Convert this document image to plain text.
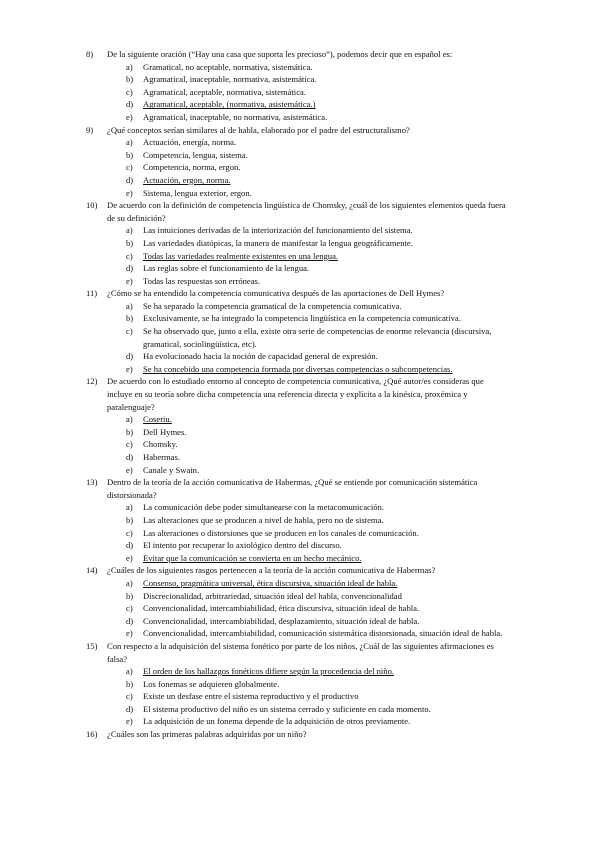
8) De la siguiente oración (“Hay una casa que suporta les precioso”), podemos decir que en español es:
a) Gramatical, no aceptable, normativa, sistemática.
b) Agramatical, inaceptable, normativa, asistemática.
c) Agramatical, aceptable, normativa, sistemática.
d) Agramatical, aceptable, (normativa, asistemática.)
e) Agramatical, inaceptable, no normativa, asistemática.
9) ¿Qué conceptos serían similares al de habla, elaborado por el padre del estructuralismo?
a) Actuación, energía, norma.
b) Competencia, lengua, sistema.
c) Competencia, norma, ergon.
d) Actuación, ergon, norma.
e) Sistema, lengua exterior, ergon.
10) De acuerdo con la definición de competencia lingüística de Chomsky, ¿cuál de los siguientes elementos queda fuera de su definición?
a) Las intuiciones derivadas de la interiorización del funcionamiento del sistema.
b) Las variedades diatópicas, la manera de manifestar la lengua geográficamente.
c) Todas las variedades realmente existentes en una lengua.
d) Las reglas sobre el funcionamiento de la lengua.
e) Todas las respuestas son erróneas.
11) ¿Cómo se ha entendido la competencia comunicativa después de las aportaciones de Dell Hymes?
a) Se ha separado la competencia gramatical de la competencia comunicativa.
b) Exclusivamente, se ha integrado la competencia lingüística en la competencia comunicativa.
c) Se ha observado que, junto a ella, existe otra serie de competencias de enorme relevancia (discursiva, gramatical, sociolingüística, etc).
d) Ha evolucionado hacia la noción de capacidad general de expresión.
e) Se ha concebido una competencia formada por diversas competencias o subcompetencias.
12) De acuerdo con lo estudiado entorno al concepto de competencia comunicativa, ¿Qué autor/es consideras que incluye en su teoría sobre dicha competencia una referencia directa y explícita a la kinésica, proxémica y paralenguaje?
a) Coseriu.
b) Dell Hymes.
c) Chomsky.
d) Habermas.
e) Canale y Swain.
13) Dentro de la teoría de la acción comunicativa de Habermas, ¿Qué se entiende por comunicación sistemática distorsionada?
a) La comunicación debe poder simultanearse con la metacomunicación.
b) Las alteraciones que se producen a nivel de habla, pero no de sistema.
c) Las alteraciones o distorsiones que se producen en los canales de comunicación.
d) El intento por recuperar lo axiológico dentro del discurso.
e) Evitar que la comunicación se convierta en un hecho mecánico.
14) ¿Cuáles de los siguientes rasgos pertenecen a la teoría de la acción comunicativa de Habermas?
a) Consenso, pragmática universal, ética discursiva, situación ideal de habla.
b) Discrecionalidad, arbitrariedad, situación ideal del habla, convencionalidad
c) Convencionalidad, intercambiabilidad, ética discursiva, situación ideal de habla.
d) Convencionalidad, intercambiabilidad, desplazamiento, situación ideal de habla.
e) Convencionalidad, intercambiabilidad, comunicación sistemática distorsionada, situación ideal de habla.
15) Con respecto a la adquisición del sistema fonético por parte de los niños, ¿Cuál de las siguientes afirmaciones es falsa?
a) El orden de los hallazgos fonéticos difiere según la procedencia del niño.
b) Los fonemas se adquieren globalmente.
c) Existe un desfase entre el sistema reproductivo y el productivo
d) El sistema productivo del niño es un sistema cerrado y suficiente en cada momento.
e) La adquisición de un fonema depende de la adquisición de otros previamente.
16) ¿Cuáles son las primeras palabras adquiridas por un niño?
